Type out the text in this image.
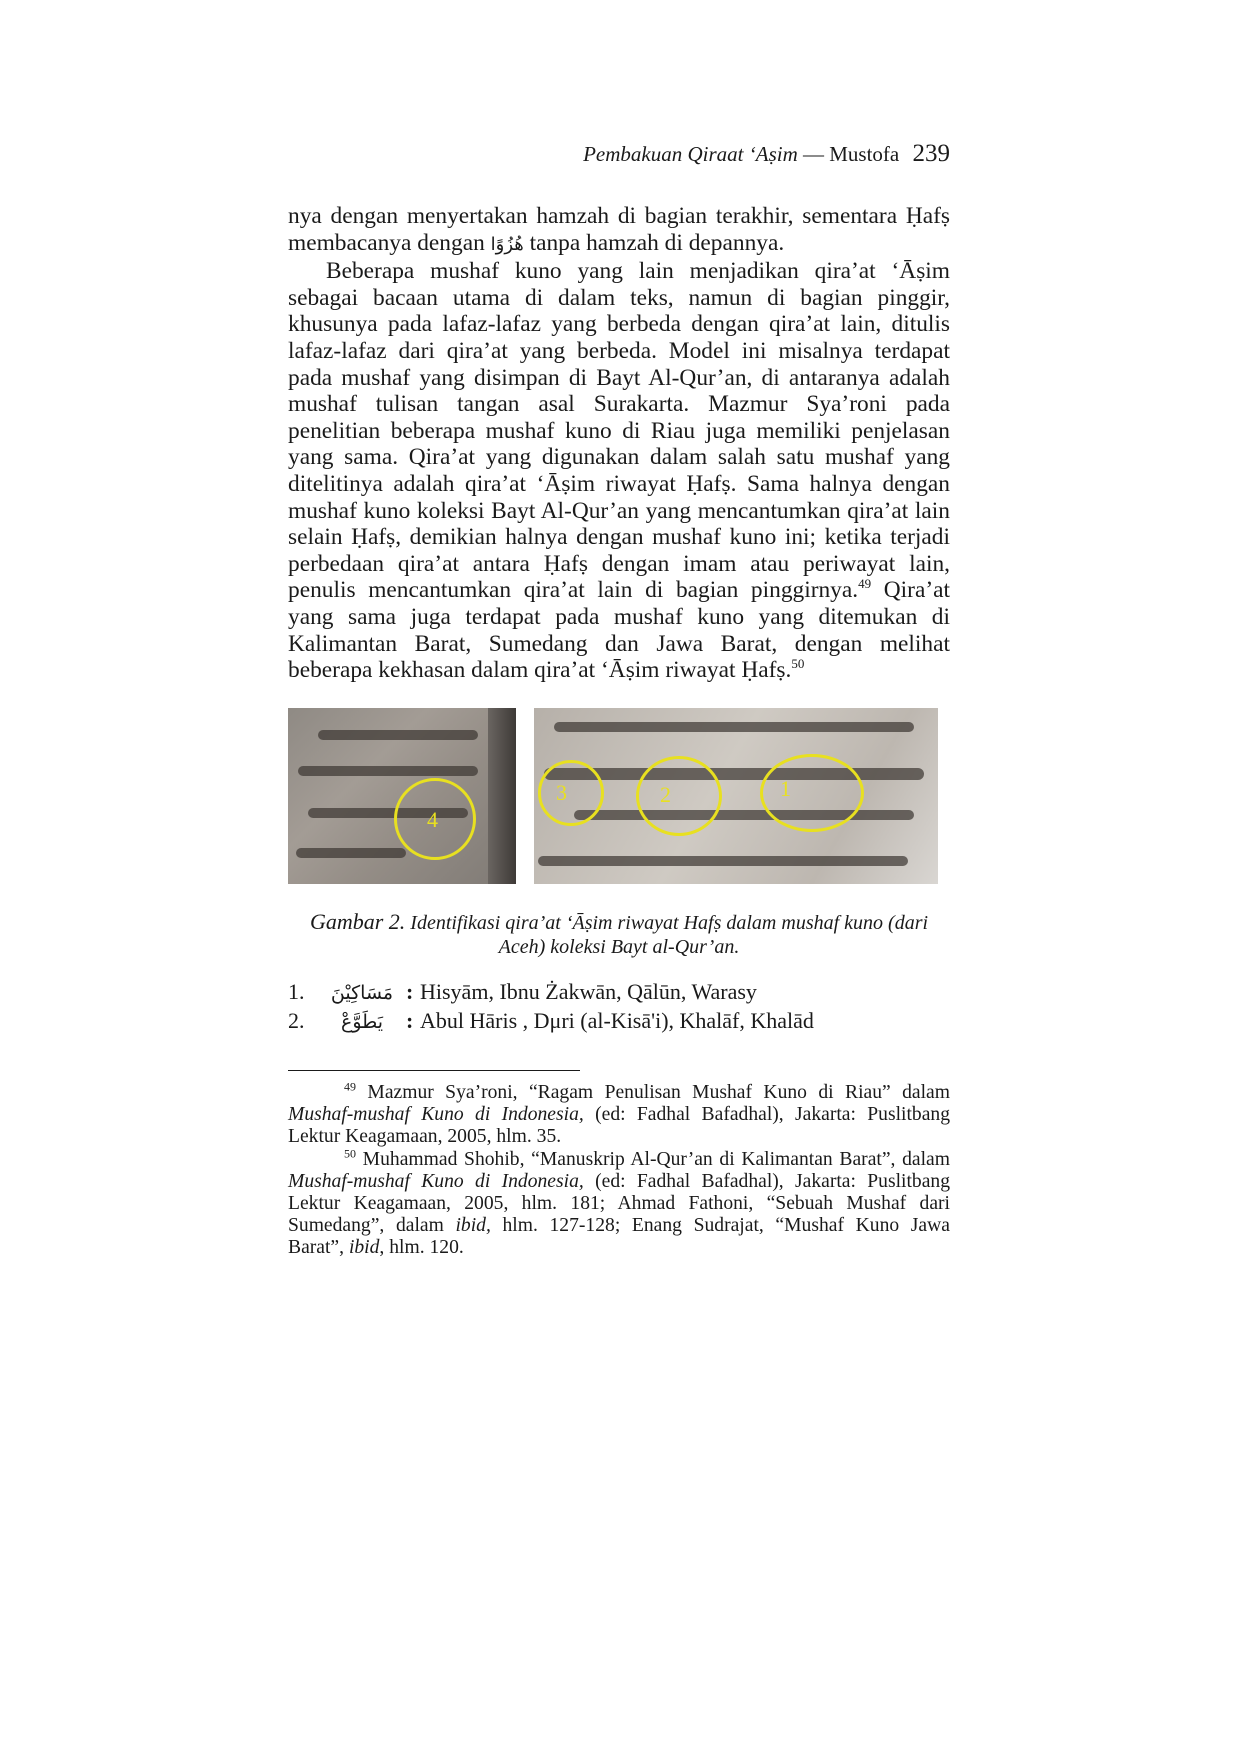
Pembakuan Qiraat ‘Aṣim — Mustofa 239

nya dengan menyertakan hamzah di bagian terakhir, sementara Ḥafṣ membacanya dengan هُزُوًا tanpa hamzah di depannya.

Beberapa mushaf kuno yang lain menjadikan qira’at ‘Āṣim sebagai bacaan utama di dalam teks, namun di bagian pinggir, khusunya pada lafaz-lafaz yang berbeda dengan qira’at lain, ditulis lafaz-lafaz dari qira’at yang berbeda. Model ini misalnya terdapat pada mushaf yang disimpan di Bayt Al-Qur’an, di antaranya adalah mushaf tulisan tangan asal Surakarta. Mazmur Sya’roni pada penelitian beberapa mushaf kuno di Riau juga memiliki penjelasan yang sama. Qira’at yang digunakan dalam salah satu mushaf yang ditelitinya adalah qira’at ‘Āṣim riwayat Ḥafṣ. Sama halnya dengan mushaf kuno koleksi Bayt Al-Qur’an yang mencantumkan qira’at lain selain Ḥafṣ, demikian halnya dengan mushaf kuno ini; ketika terjadi perbedaan qira’at antara Ḥafṣ dengan imam atau periwayat lain, penulis mencantumkan qira’at lain di bagian pinggirnya.$^{49}$ Qira’at yang sama juga terdapat pada mushaf kuno yang ditemukan di Kalimantan Barat, Sumedang dan Jawa Barat, dengan melihat beberapa kekhasan dalam qira’at ‘Āṣim riwayat Ḥafṣ.$^{50}$

4
3	2	1
Gambar 2. Identifikasi qira’at ‘Āṣim riwayat Hafṣ dalam mushaf kuno (dari Aceh) koleksi Bayt al-Qur’an.
1.	مَسَاكِيْنَ : Hisyām, Ibnu Żakwān, Qālūn, Warasy
2.	يَطَوَّعْ	: Abul Hāris , Dμri (al-Kisā'i), Khalāf, Khalād

$^{49}$ Mazmur Sya’roni, “Ragam Penulisan Mushaf Kuno di Riau” dalam Mushaf-mushaf Kuno di Indonesia, (ed: Fadhal Bafadhal), Jakarta: Puslitbang Lektur Keagamaan, 2005, hlm. 35.

$^{50}$ Muhammad Shohib, “Manuskrip Al-Qur’an di Kalimantan Barat”, dalam Mushaf-mushaf Kuno di Indonesia, (ed: Fadhal Bafadhal), Jakarta: Puslitbang Lektur Keagamaan, 2005, hlm. 181; Ahmad Fathoni, “Sebuah Mushaf dari Sumedang”, dalam ibid, hlm. 127-128; Enang Sudrajat, “Mushaf Kuno Jawa Barat”, ibid, hlm. 120.
